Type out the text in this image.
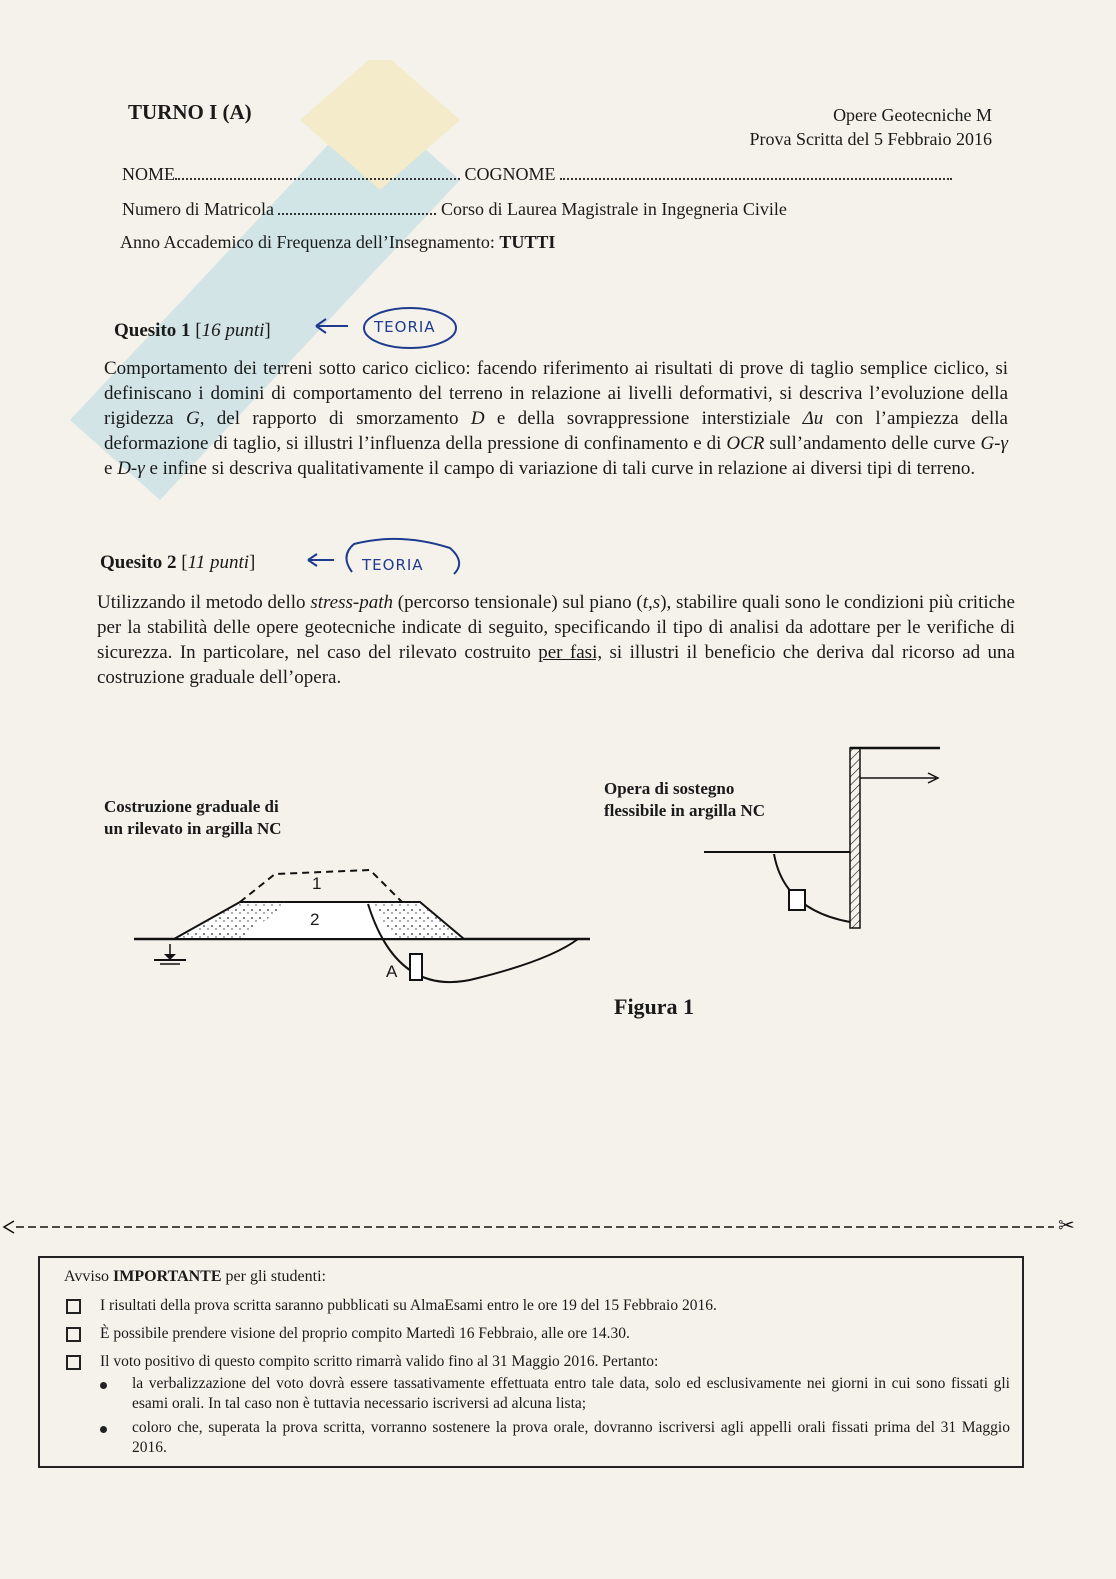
TURNO I (A)	Opere Geotecniche M
Prova Scritta del 5 Febbraio 2016
NOME	COGNOME
Numero di Matricola	Corso di Laurea Magistrale in Ingegneria Civile
Anno Accademico di Frequenza dell’Insegnamento: TUTTI
Quesito 1 [16 punti]	TEORIA
Comportamento dei terreni sotto carico ciclico: facendo riferimento ai risultati di prove di taglio semplice ciclico, si definiscano i domini di comportamento del terreno in relazione ai livelli deformativi, si descriva l’evoluzione della rigidezza G, del rapporto di smorzamento D e della sovrappressione interstiziale Δu con l’ampiezza della deformazione di taglio, si illustri l’influenza della pressione di confinamento e di OCR sull’andamento delle curve G-γ e D-γ e infine si descriva qualitativamente il campo di variazione di tali curve in relazione ai diversi tipi di terreno.
Quesito 2 [11 punti]	TEORIA
Utilizzando il metodo dello stress-path (percorso tensionale) sul piano (t,s), stabilire quali sono le condizioni più critiche per la stabilità delle opere geotecniche indicate di seguito, specificando il tipo di analisi da adottare per le verifiche di sicurezza. In particolare, nel caso del rilevato costruito per fasi, si illustri il beneficio che deriva dal ricorso ad una costruzione graduale dell’opera.
Costruzione graduale di
un rilevato in argilla NC
Opera di sostegno
flessibile in argilla NC
1
2
A
Figura 1
✂
Avviso IMPORTANTE per gli studenti:
I risultati della prova scritta saranno pubblicati su AlmaEsami entro le ore 19 del 15 Febbraio 2016.
È possibile prendere visione del proprio compito Martedì 16 Febbraio, alle ore 14.30.
Il voto positivo di questo compito scritto rimarrà valido fino al 31 Maggio 2016. Pertanto:
la verbalizzazione del voto dovrà essere tassativamente effettuata entro tale data, solo ed esclusivamente nei giorni in cui sono fissati gli esami orali. In tal caso non è tuttavia necessario iscriversi ad alcuna lista;
coloro che, superata la prova scritta, vorranno sostenere la prova orale, dovranno iscriversi agli appelli orali fissati prima del 31 Maggio 2016.
